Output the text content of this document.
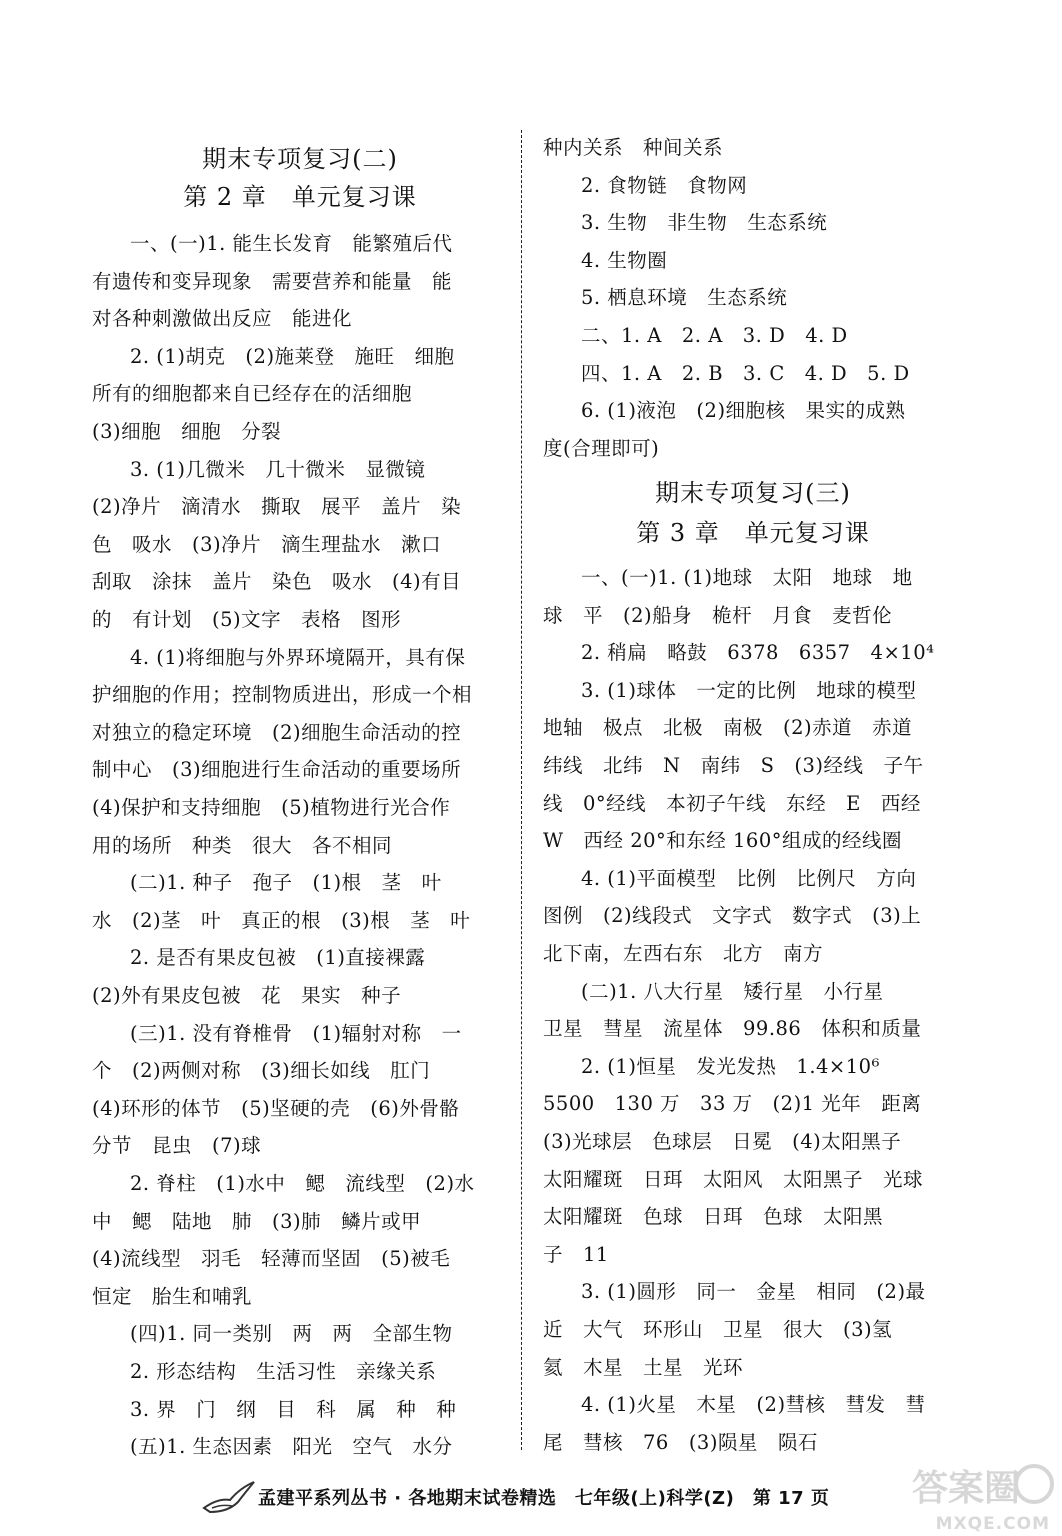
期末专项复习(二)
第 2 章　单元复习课
一、(一)1. 能生长发育　能繁殖后代
有遗传和变异现象　需要营养和能量　能
对各种刺激做出反应　能进化
2. (1)胡克　(2)施莱登　施旺　细胞
所有的细胞都来自已经存在的活细胞
(3)细胞　细胞　分裂
3. (1)几微米　几十微米　显微镜
(2)净片　滴清水　撕取　展平　盖片　染
色　吸水　(3)净片　滴生理盐水　漱口
刮取　涂抹　盖片　染色　吸水　(4)有目
的　有计划　(5)文字　表格　图形
4. (1)将细胞与外界环境隔开，具有保
护细胞的作用；控制物质进出，形成一个相
对独立的稳定环境　(2)细胞生命活动的控
制中心　(3)细胞进行生命活动的重要场所
(4)保护和支持细胞　(5)植物进行光合作
用的场所　种类　很大　各不相同
(二)1. 种子　孢子　(1)根　茎　叶
水　(2)茎　叶　真正的根　(3)根　茎　叶
2. 是否有果皮包被　(1)直接裸露
(2)外有果皮包被　花　果实　种子
(三)1. 没有脊椎骨　(1)辐射对称　一
个　(2)两侧对称　(3)细长如线　肛门
(4)环形的体节　(5)坚硬的壳　(6)外骨骼
分节　昆虫　(7)球
2. 脊柱　(1)水中　鳃　流线型　(2)水
中　鳃　陆地　肺　(3)肺　鳞片或甲
(4)流线型　羽毛　轻薄而坚固　(5)被毛
恒定　胎生和哺乳
(四)1. 同一类别　两　两　全部生物
2. 形态结构　生活习性　亲缘关系
3. 界　门　纲　目　科　属　种　种
(五)1. 生态因素　阳光　空气　水分
种内关系　种间关系
2. 食物链　食物网
3. 生物　非生物　生态系统
4. 生物圈
5. 栖息环境　生态系统
二、1. A　2. A　3. D　4. D
四、1. A　2. B　3. C　4. D　5. D
6. (1)液泡　(2)细胞核　果实的成熟
度(合理即可)
期末专项复习(三)
第 3 章　单元复习课
一、(一)1. (1)地球　太阳　地球　地
球　平　(2)船身　桅杆　月食　麦哲伦
2. 稍扁　略鼓　6378　6357　4×10⁴
3. (1)球体　一定的比例　地球的模型
地轴　极点　北极　南极　(2)赤道　赤道
纬线　北纬　N　南纬　S　(3)经线　子午
线　0°经线　本初子午线　东经　E　西经
W　西经 20°和东经 160°组成的经线圈
4. (1)平面模型　比例　比例尺　方向
图例　(2)线段式　文字式　数字式　(3)上
北下南，左西右东　北方　南方
(二)1. 八大行星　矮行星　小行星
卫星　彗星　流星体　99.86　体积和质量
2. (1)恒星　发光发热　1.4×10⁶
5500　130 万　33 万　(2)1 光年　距离
(3)光球层　色球层　日冕　(4)太阳黑子
太阳耀斑　日珥　太阳风　太阳黑子　光球
太阳耀斑　色球　日珥　色球　太阳黑
子　11
3. (1)圆形　同一　金星　相同　(2)最
近　大气　环形山　卫星　很大　(3)氢
氦　木星　土星　光环
4. (1)火星　木星　(2)彗核　彗发　彗
尾　彗核　76　(3)陨星　陨石
孟建平系列丛书 · 各地期末试卷精选　七年级(上)科学(Z)　第 17 页 答案圈
MXQE.COM
